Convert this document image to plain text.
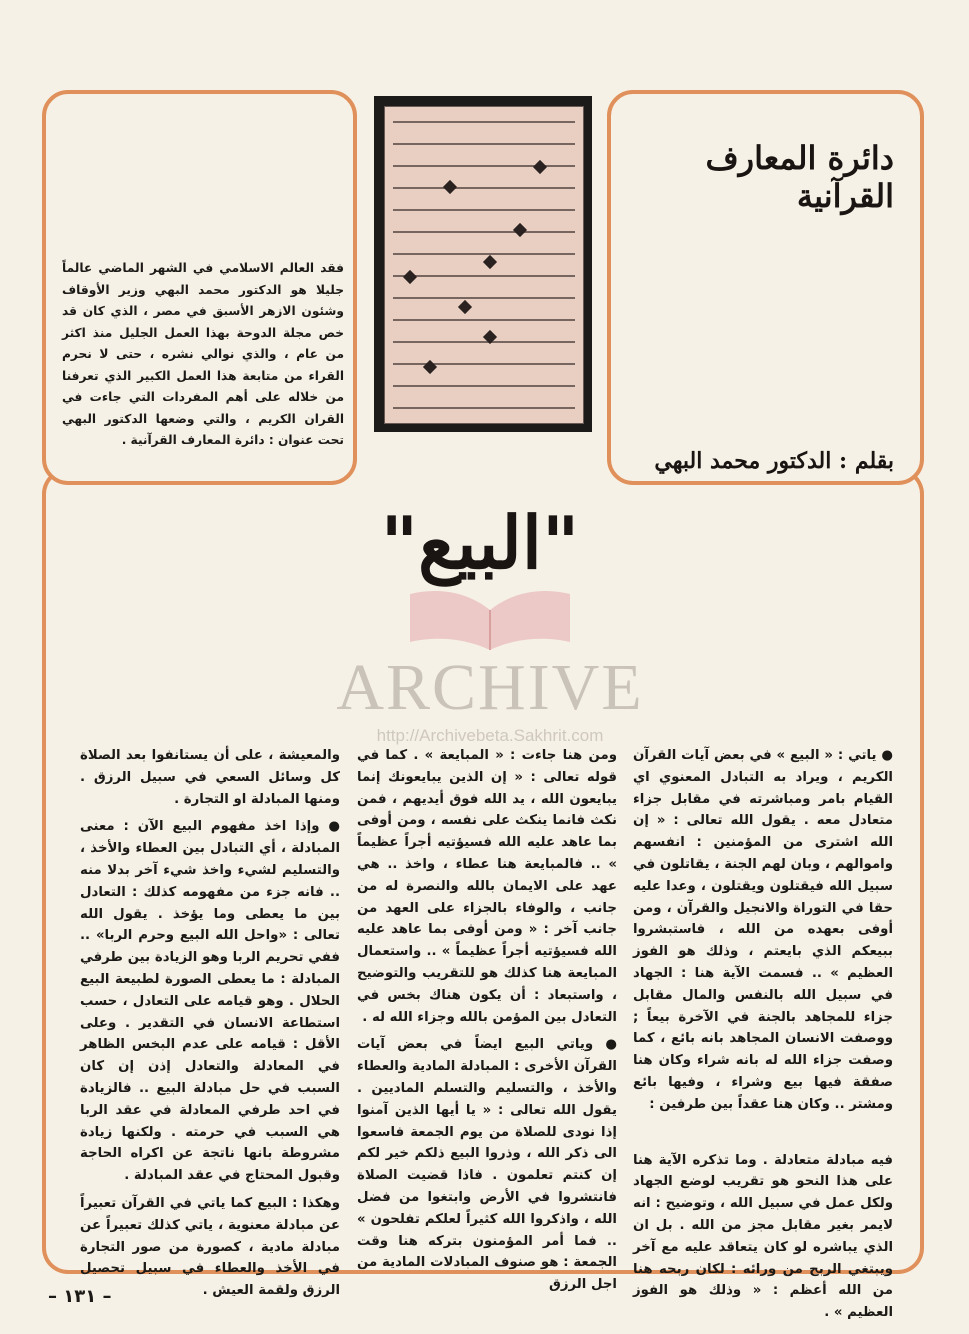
فقد العالم الاسلامي في الشهر الماضي عالماً جليلا هو الدكتور محمد البهي وزير الأوقاف وشئون الازهر الأسبق في مصر ، الذي كان قد خص مجلة الدوحة بهذا العمل الجليل منذ اكثر من عام ، والذي نوالي نشره ، حتى لا نحرم القراء من متابعة هذا العمل الكبير الذي تعرفنا من خلاله على أهم المفردات التي جاءت في القران الكريم ، والتي وضعها الدكتور البهي تحت عنوان : دائرة المعارف القرآنية .
دائرة المعارف
القرآنية
بقلم : الدكتور محمد البهي
"البيع"
ARCHIVE
http://Archivebeta.Sakhrit.com

● ياتي : « البيع » في بعض آيات القرآن الكريم ، ويراد به التبادل المعنوي اي القيام بامر ومباشرته في مقابل جزاء متعادل معه . يقول الله تعالى : « إن الله اشترى من المؤمنين : انفسهم واموالهم ، وبان لهم الجنة ، يقاتلون في سبيل الله فيقتلون ويقتلون ، وعدا عليه حقا في التوراة والانجيل والقرآن ، ومن أوفى بعهده من الله ، فاستبشروا ببيعكم الذي بايعتم ، وذلك هو الفوز العظيم » .. فسمت الآية هنا : الجهاد في سبيل الله بالنفس والمال مقابل جزاء للمجاهد بالجنة في الآخرة بيعاً ; ووصفت الانسان المجاهد بانه بائع ، كما وصفت جزاء الله له بانه شراء وكان هنا صفقة فيها بيع وشراء ، وفيها بائع ومشتر .. وكان هنا عقداً بين طرفين :

فيه مبادلة متعادلة . وما تذكره الآية هنا على هذا النحو هو تقريب لوضع الجهاد ولكل عمل في سبيل الله ، وتوضيح : انه لايمر بغير مقابل مجز من الله . بل ان الذي يباشره لو كان يتعاقد عليه مع آخر ويبتغي الربح من ورائه : لكان ربحه هنا من الله أعظم : « وذلك هو الفوز العظيم » .

ومن هنا جاءت : « المبايعة » . كما في قوله تعالى : « إن الذين يبايعونك إنما يبايعون الله ، يد الله فوق أيديهم ، فمن نكث فانما ينكث على نفسه ، ومن أوفى بما عاهد عليه الله فسيؤتيه أجراً عظيماً » .. فالمبايعة هنا عطاء ، واخذ .. هي عهد على الايمان بالله والنصرة له من جانب ، والوفاء بالجزاء على العهد من جانب آخر : « ومن أوفى بما عاهد عليه الله فسيؤتيه أجراً عظيماً » .. واستعمال المبايعة هنا كذلك هو للتقريب والتوضيح ، واستبعاد : أن يكون هناك بخس في التعادل بين المؤمن بالله وجزاء الله له .

● وياتي البيع ايضاً في بعض آيات القرآن الأخرى : المبادلة المادية والعطاء والأخذ ، والتسليم والتسلم الماديين . يقول الله تعالى : « يا أيها الذين آمنوا إذا نودى للصلاة من يوم الجمعة فاسعوا الى ذكر الله ، وذروا البيع ذلكم خير لكم إن كنتم تعلمون . فاذا قضيت الصلاة فانتشروا في الأرض وابتغوا من فضل الله ، واذكروا الله كثيراً لعلكم تفلحون » .. فما أمر المؤمنون بتركه هنا وقت الجمعة : هو صنوف المبادلات المادية من اجل الرزق

والمعيشة ، على أن يستانفوا بعد الصلاة كل وسائل السعي في سبيل الرزق . ومنها المبادلة او التجارة .

● وإذا اخذ مفهوم البيع الآن : معنى المبادلة ، أي التبادل بين العطاء والأخذ ، والتسليم لشيء واخذ شيء آخر بدلا منه .. فانه جزء من مفهومه كذلك : التعادل بين ما يعطى وما يؤخذ . يقول الله تعالى : «واحل الله البيع وحرم الربا» .. ففي تحريم الربا وهو الزيادة بين طرفي المبادلة : ما يعطى الصورة لطبيعة البيع الحلال . وهو قيامه على التعادل ، حسب استطاعة الانسان في التقدير . وعلى الأقل : قيامه على عدم البخس الظاهر في المعادلة والتعادل إذن إن كان السبب في حل مبادلة البيع .. فالزيادة في احد طرفي المعادلة في عقد الربا هي السبب في حرمته . ولكنها زيادة مشروطة بانها ناتجة عن اكراه الحاجة وقبول المحتاج في عقد المبادلة .

وهكذا : البيع كما ياتي في القرآن تعبيراً عن مبادلة معنوية ، ياتي كذلك تعبيراً عن مبادلة مادية ، كصورة من صور التجارة في الأخذ والعطاء في سبيل تحصيل الرزق ولقمة العيش .

– ١٣١ –
